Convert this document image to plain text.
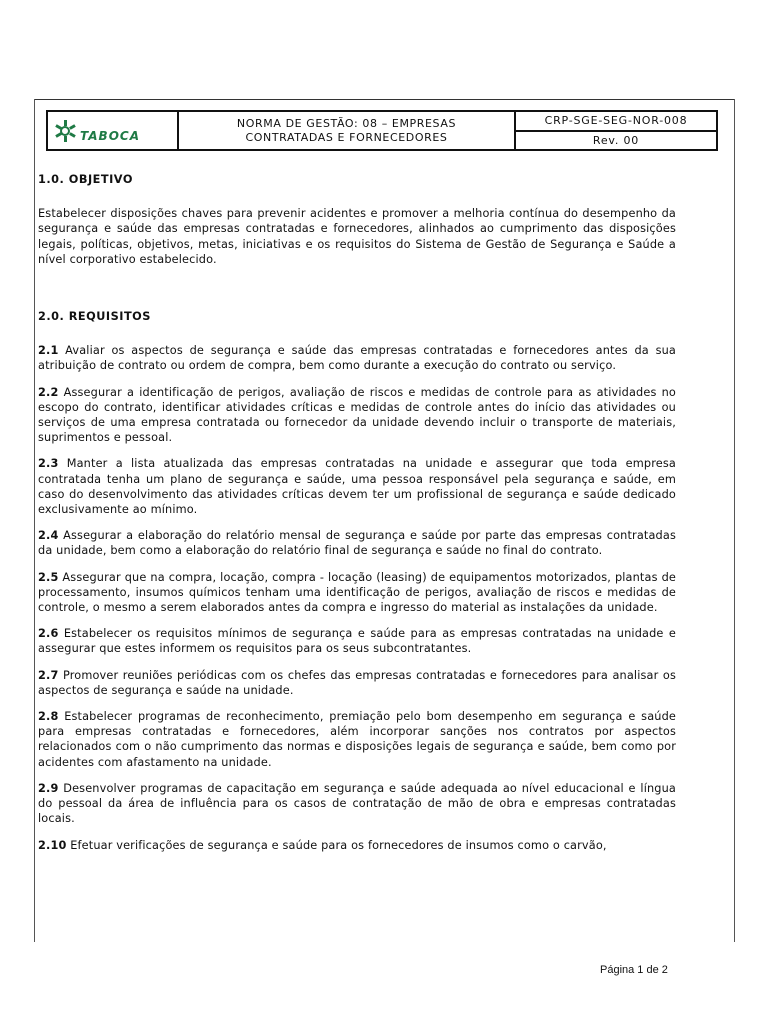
TABOCA
NORMA DE GESTÃO: 08 – EMPRESAS
CONTRATADAS E FORNECEDORES
CRP-SGE-SEG-NOR-008
Rev. 00
1.0. OBJETIVO

Estabelecer disposições chaves para prevenir acidentes e promover a melhoria contínua do desempenho da segurança e saúde das empresas contratadas e fornecedores, alinhados ao cumprimento das disposições legais, políticas, objetivos, metas, iniciativas e os requisitos do Sistema de Gestão de Segurança e Saúde a nível corporativo estabelecido.

2.0. REQUISITOS

2.1 Avaliar os aspectos de segurança e saúde das empresas contratadas e fornecedores antes da sua atribuição de contrato ou ordem de compra, bem como durante a execução do contrato ou serviço.

2.2 Assegurar a identificação de perigos, avaliação de riscos e medidas de controle para as atividades no escopo do contrato, identificar atividades críticas e medidas de controle antes do início das atividades ou serviços de uma empresa contratada ou fornecedor da unidade devendo incluir o transporte de materiais, suprimentos e pessoal.

2.3 Manter a lista atualizada das empresas contratadas na unidade e assegurar que toda empresa contratada tenha um plano de segurança e saúde, uma pessoa responsável pela segurança e saúde, em caso do desenvolvimento das atividades críticas devem ter um profissional de segurança e saúde dedicado exclusivamente ao mínimo.

2.4 Assegurar a elaboração do relatório mensal de segurança e saúde por parte das empresas contratadas da unidade, bem como a elaboração do relatório final de segurança e saúde no final do contrato.

2.5 Assegurar que na compra, locação, compra - locação (leasing) de equipamentos motorizados, plantas de processamento, insumos químicos tenham uma identificação de perigos, avaliação de riscos e medidas de controle, o mesmo a serem elaborados antes da compra e ingresso do material as instalações da unidade.

2.6 Estabelecer os requisitos mínimos de segurança e saúde para as empresas contratadas na unidade e assegurar que estes informem os requisitos para os seus subcontratantes.

2.7 Promover reuniões periódicas com os chefes das empresas contratadas e fornecedores para analisar os aspectos de segurança e saúde na unidade.

2.8 Estabelecer programas de reconhecimento, premiação pelo bom desempenho em segurança e saúde para empresas contratadas e fornecedores, além incorporar sanções nos contratos por aspectos relacionados com o não cumprimento das normas e disposições legais de segurança e saúde, bem como por acidentes com afastamento na unidade.

2.9 Desenvolver programas de capacitação em segurança e saúde adequada ao nível educacional e língua do pessoal da área de influência para os casos de contratação de mão de obra e empresas contratadas locais.

2.10 Efetuar verificações de segurança e saúde para os fornecedores de insumos como o carvão,

Página 1 de 2
